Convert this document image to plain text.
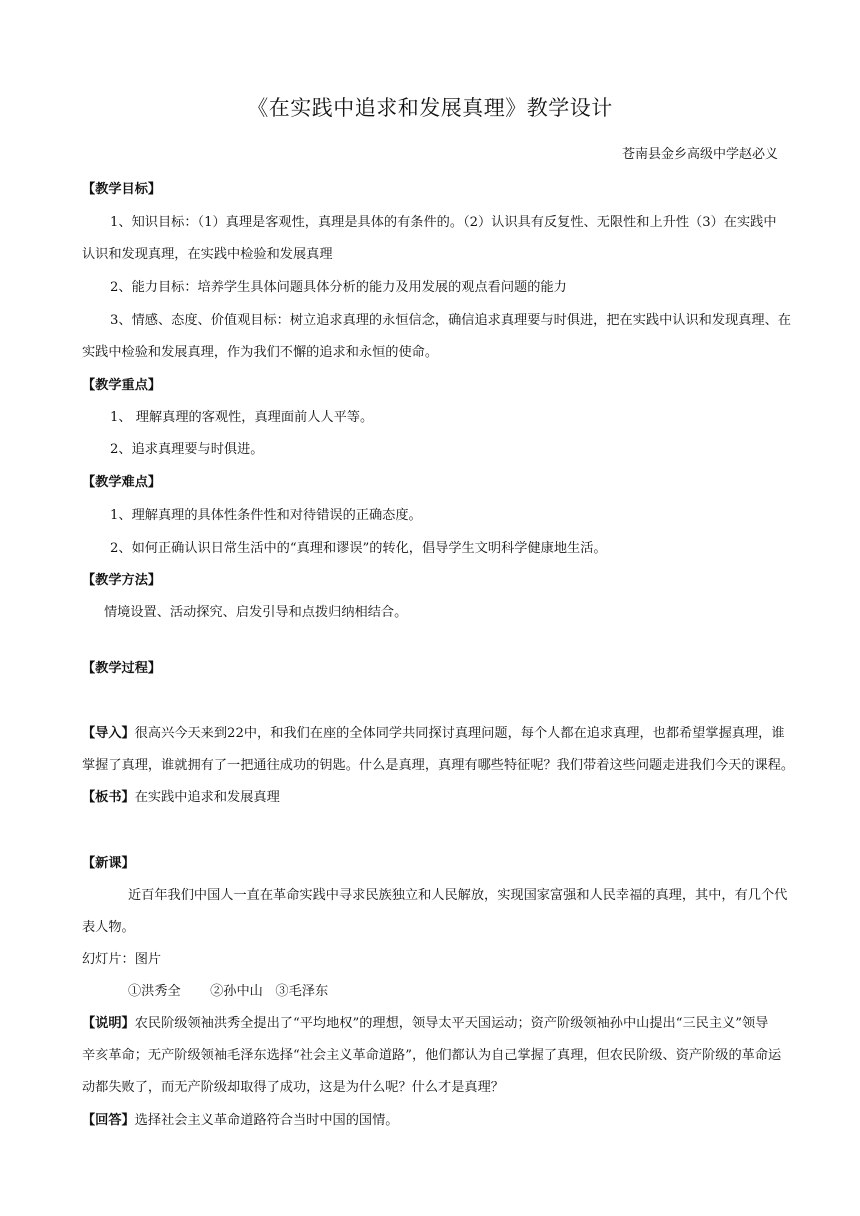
《在实践中追求和发展真理》教学设计
苍南县金乡高级中学赵必义
【教学目标】
1、知识目标：（1）真理是客观性，真理是具体的有条件的。（2）认识具有反复性、无限性和上升性（3）在实践中
认识和发现真理，在实践中检验和发展真理
2、能力目标：培养学生具体问题具体分析的能力及用发展的观点看问题的能力
3、情感、态度、价值观目标：树立追求真理的永恒信念，确信追求真理要与时俱进，把在实践中认识和发现真理、在
实践中检验和发展真理，作为我们不懈的追求和永恒的使命。
【教学重点】
1、 理解真理的客观性，真理面前人人平等。
2、追求真理要与时俱进。
【教学难点】
1、理解真理的具体性条件性和对待错误的正确态度。
2、如何正确认识日常生活中的“真理和谬误”的转化，倡导学生文明科学健康地生活。
【教学方法】
情境设置、活动探究、启发引导和点拨归纳相结合。
【教学过程】
【导入】很高兴今天来到22中，和我们在座的全体同学共同探讨真理问题，每个人都在追求真理，也都希望掌握真理，谁
掌握了真理，谁就拥有了一把通往成功的钥匙。什么是真理，真理有哪些特征呢？我们带着这些问题走进我们今天的课程。
【板书】在实践中追求和发展真理
【新课】
近百年我们中国人一直在革命实践中寻求民族独立和人民解放，实现国家富强和人民幸福的真理，其中，有几个代
表人物。
幻灯片：图片
①洪秀全       ②孙中山   ③毛泽东
【说明】农民阶级领袖洪秀全提出了“平均地权”的理想，领导太平天国运动；资产阶级领袖孙中山提出“三民主义”领导
辛亥革命；无产阶级领袖毛泽东选择“社会主义革命道路”，他们都认为自己掌握了真理，但农民阶级、资产阶级的革命运
动都失败了，而无产阶级却取得了成功，这是为什么呢？什么才是真理？
【回答】选择社会主义革命道路符合当时中国的国情。
